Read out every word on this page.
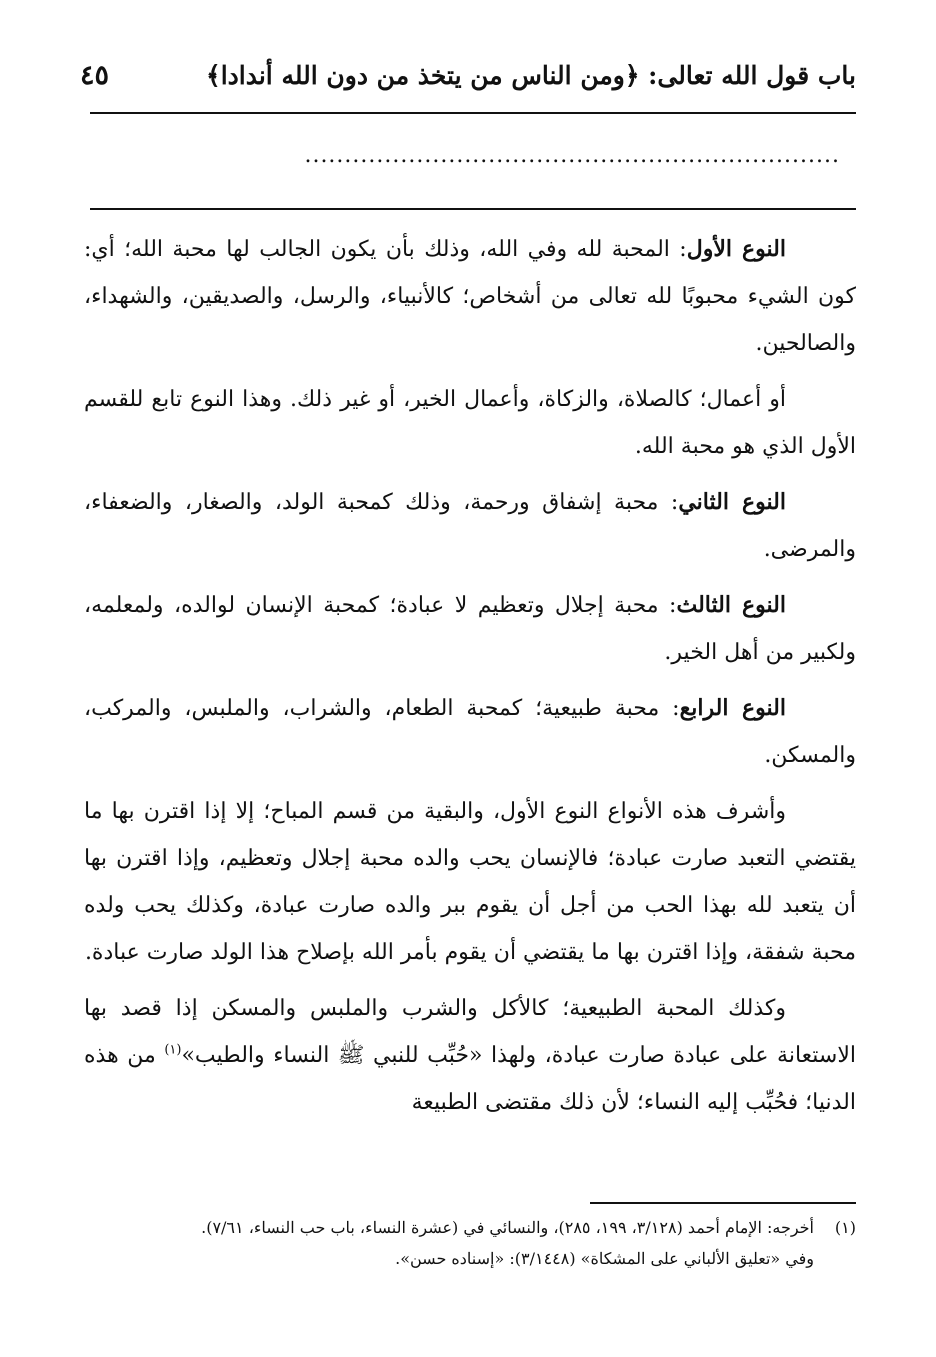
باب قول الله تعالى: ﴿ومن الناس من يتخذ من دون الله أندادا﴾
٤٥
...................................................................

النوع الأول: المحبة لله وفي الله، وذلك بأن يكون الجالب لها محبة الله؛ أي: كون الشيء محبوبًا لله تعالى من أشخاص؛ كالأنبياء، والرسل، والصديقين، والشهداء، والصالحين.

أو أعمال؛ كالصلاة، والزكاة، وأعمال الخير، أو غير ذلك. وهذا النوع تابع للقسم الأول الذي هو محبة الله.

النوع الثاني: محبة إشفاق ورحمة، وذلك كمحبة الولد، والصغار، والضعفاء، والمرضى.

النوع الثالث: محبة إجلال وتعظيم لا عبادة؛ كمحبة الإنسان لوالده، ولمعلمه، ولكبير من أهل الخير.

النوع الرابع: محبة طبيعية؛ كمحبة الطعام، والشراب، والملبس، والمركب، والمسكن.

وأشرف هذه الأنواع النوع الأول، والبقية من قسم المباح؛ إلا إذا اقترن بها ما يقتضي التعبد صارت عبادة؛ فالإنسان يحب والده محبة إجلال وتعظيم، وإذا اقترن بها أن يتعبد لله بهذا الحب من أجل أن يقوم ببر والده صارت عبادة، وكذلك يحب ولده محبة شفقة، وإذا اقترن بها ما يقتضي أن يقوم بأمر الله بإصلاح هذا الولد صارت عبادة.

وكذلك المحبة الطبيعية؛ كالأكل والشرب والملبس والمسكن إذا قصد بها الاستعانة على عبادة صارت عبادة، ولهذا «حُبِّب للنبي ﷺ النساء والطيب»$^{(١)}$ من هذه الدنيا؛ فحُبِّب إليه النساء؛ لأن ذلك مقتضى الطبيعة

(١)
أخرجه: الإمام أحمد (٣/١٢٨، ١٩٩، ٢٨٥)، والنسائي في (عشرة النساء، باب حب النساء، ٧/٦١).
وفي «تعليق الألباني على المشكاة» (٣/١٤٤٨): «إسناده حسن».
